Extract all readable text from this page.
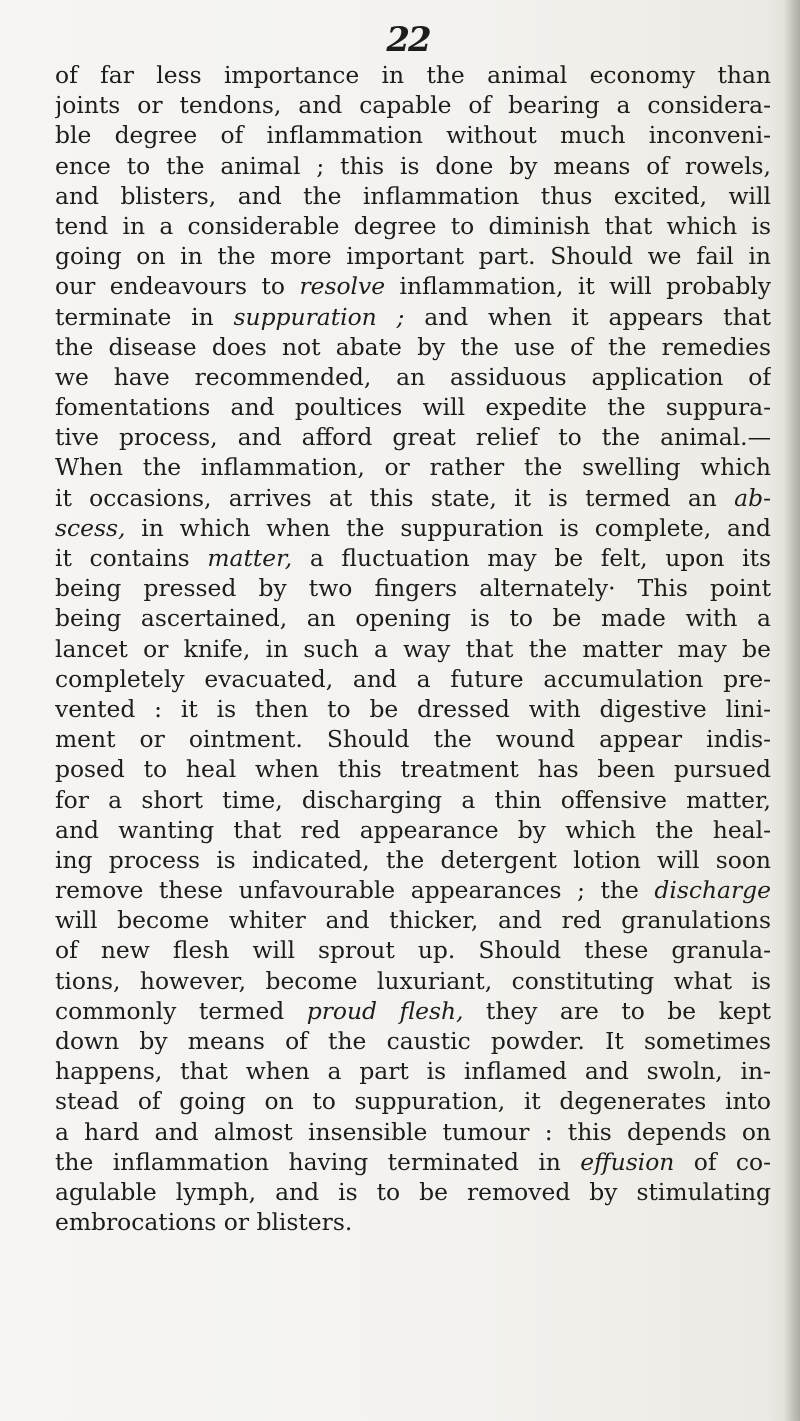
22
of far less importance in the animal economy than
joints or tendons, and capable of bearing a considera-
ble degree of inflammation without much inconveni-
ence to the animal ; this is done by means of rowels,
and blisters, and the inflammation thus excited, will
tend in a considerable degree to diminish that which is
going on in the more important part. Should we fail in
our endeavours to resolve inflammation, it will probably
terminate in suppuration ; and when it appears that
the disease does not abate by the use of the remedies
we have recommended, an assiduous application of
fomentations and poultices will expedite the suppura-
tive process, and afford great relief to the animal.—
When the inflammation, or rather the swelling which
it occasions, arrives at this state, it is termed an ab-
scess, in which when the suppuration is complete, and
it contains matter, a fluctuation may be felt, upon its
being pressed by two fingers alternately· This point
being ascertained, an opening is to be made with a
lancet or knife, in such a way that the matter may be
completely evacuated, and a future accumulation pre-
vented : it is then to be dressed with digestive lini-
ment or ointment. Should the wound appear indis-
posed to heal when this treatment has been pursued
for a short time, discharging a thin offensive matter,
and wanting that red appearance by which the heal-
ing process is indicated, the detergent lotion will soon
remove these unfavourable appearances ; the discharge
will become whiter and thicker, and red granulations
of new flesh will sprout up. Should these granula-
tions, however, become luxuriant, constituting what is
commonly termed proud flesh, they are to be kept
down by means of the caustic powder. It sometimes
happens, that when a part is inflamed and swoln, in-
stead of going on to suppuration, it degenerates into
a hard and almost insensible tumour : this depends on
the inflammation having terminated in effusion of co-
agulable lymph, and is to be removed by stimulating
embrocations or blisters.
